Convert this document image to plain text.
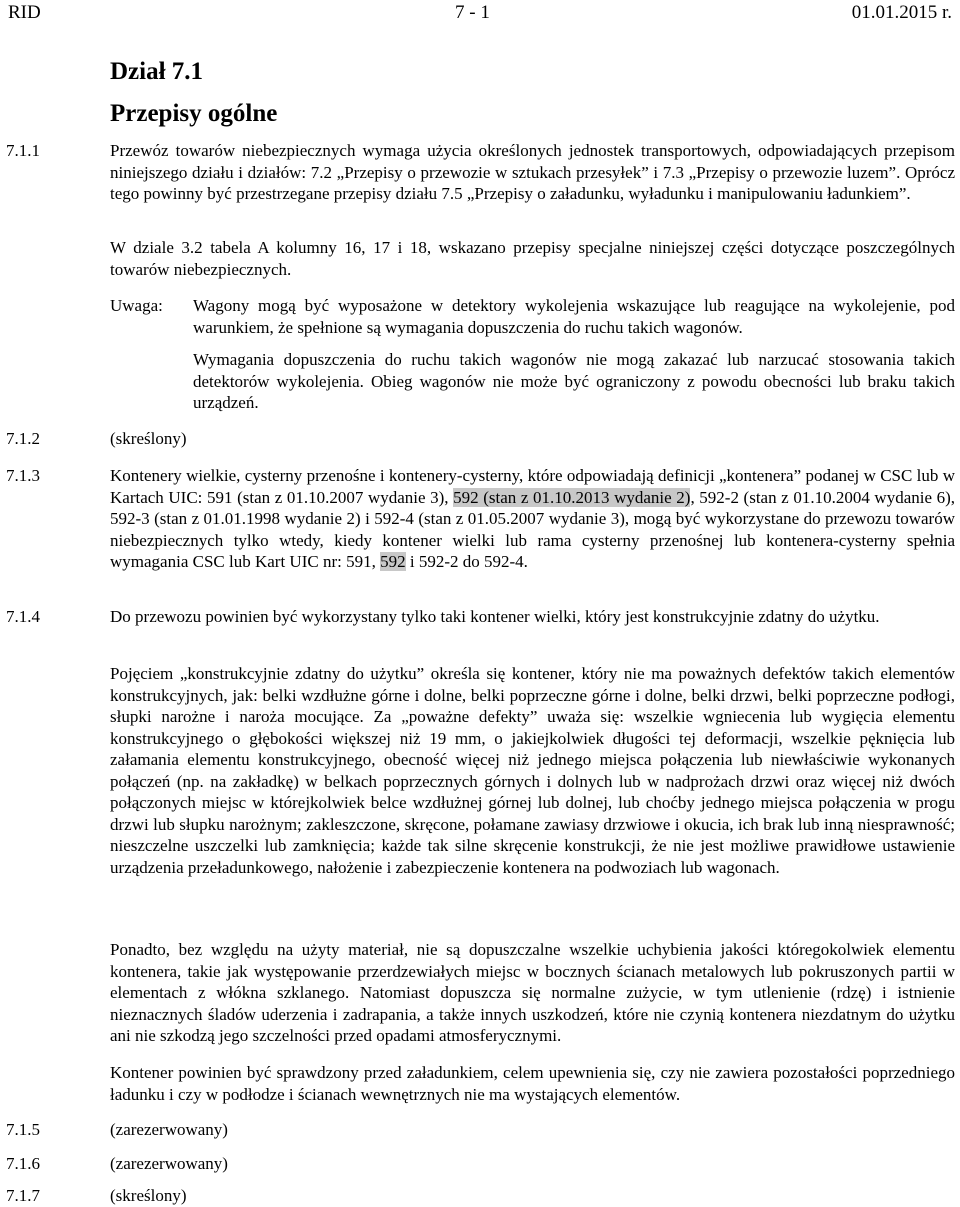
RID	7 - 1	01.01.2015 r.
Dział 7.1
Przepisy ogólne
7.1.1	Przewóz towarów niebezpiecznych wymaga użycia określonych jednostek transportowych, odpowiadających przepisom niniejszego działu i działów: 7.2 „Przepisy o przewozie w sztukach przesyłek” i 7.3 „Przepisy o przewozie luzem”. Oprócz tego powinny być przestrzegane przepisy działu 7.5 „Przepisy o załadunku, wyładunku i manipulowaniu ładunkiem”.

W dziale 3.2 tabela A kolumny 16, 17 i 18, wskazano przepisy specjalne niniejszej części dotyczące poszczególnych towarów niebezpiecznych.

Uwaga: Wagony mogą być wyposażone w detektory wykolejenia wskazujące lub reagujące na wykolejenie, pod warunkiem, że spełnione są wymagania dopuszczenia do ruchu takich wagonów.

Wymagania dopuszczenia do ruchu takich wagonów nie mogą zakazać lub narzucać stosowania takich detektorów wykolejenia. Obieg wagonów nie może być ograniczony z powodu obecności lub braku takich urządzeń.

7.1.2	(skreślony)

7.1.3	Kontenery wielkie, cysterny przenośne i kontenery-cysterny, które odpowiadają definicji „kontenera” podanej w CSC lub w Kartach UIC: 591 (stan z 01.10.2007 wydanie 3), 592 (stan z 01.10.2013 wydanie 2), 592-2 (stan z 01.10.2004 wydanie 6), 592-3 (stan z 01.01.1998 wydanie 2) i 592-4 (stan z 01.05.2007 wydanie 3), mogą być wykorzystane do przewozu towarów niebezpiecznych tylko wtedy, kiedy kontener wielki lub rama cysterny przenośnej lub kontenera-cysterny spełnia wymagania CSC lub Kart UIC nr: 591, 592 i 592-2 do 592-4.

7.1.4	Do przewozu powinien być wykorzystany tylko taki kontener wielki, który jest konstrukcyjnie zdatny do użytku.

Pojęciem „konstrukcyjnie zdatny do użytku” określa się kontener, który nie ma poważnych defektów takich elementów konstrukcyjnych, jak: belki wzdłużne górne i dolne, belki poprzeczne górne i dolne, belki drzwi, belki poprzeczne podłogi, słupki narożne i naroża mocujące. Za „poważne defekty” uważa się: wszelkie wgniecenia lub wygięcia elementu konstrukcyjnego o głębokości większej niż 19 mm, o jakiejkolwiek długości tej deformacji, wszelkie pęknięcia lub załamania elementu konstrukcyjnego, obecność więcej niż jednego miejsca połączenia lub niewłaściwie wykonanych połączeń (np. na zakładkę) w belkach poprzecznych górnych i dolnych lub w nadprożach drzwi oraz więcej niż dwóch połączonych miejsc w którejkolwiek belce wzdłużnej górnej lub dolnej, lub choćby jednego miejsca połączenia w progu drzwi lub słupku narożnym; zakleszczone, skręcone, połamane zawiasy drzwiowe i okucia, ich brak lub inną niesprawność; nieszczelne uszczelki lub zamknięcia; każde tak silne skręcenie konstrukcji, że nie jest możliwe prawidłowe ustawienie urządzenia przeładunkowego, nałożenie i zabezpieczenie kontenera na podwoziach lub wagonach.

Ponadto, bez względu na użyty materiał, nie są dopuszczalne wszelkie uchybienia jakości któregokolwiek elementu kontenera, takie jak występowanie przerdzewiałych miejsc w bocznych ścianach metalowych lub pokruszonych partii w elementach z włókna szklanego. Natomiast dopuszcza się normalne zużycie, w tym utlenienie (rdzę) i istnienie nieznacznych śladów uderzenia i zadrapania, a także innych uszkodzeń, które nie czynią kontenera niezdatnym do użytku ani nie szkodzą jego szczelności przed opadami atmosferycznymi.

Kontener powinien być sprawdzony przed załadunkiem, celem upewnienia się, czy nie zawiera pozostałości poprzedniego ładunku i czy w podłodze i ścianach wewnętrznych nie ma wystających elementów.

7.1.5	(zarezerwowany)

7.1.6	(zarezerwowany)

7.1.7	(skreślony)
